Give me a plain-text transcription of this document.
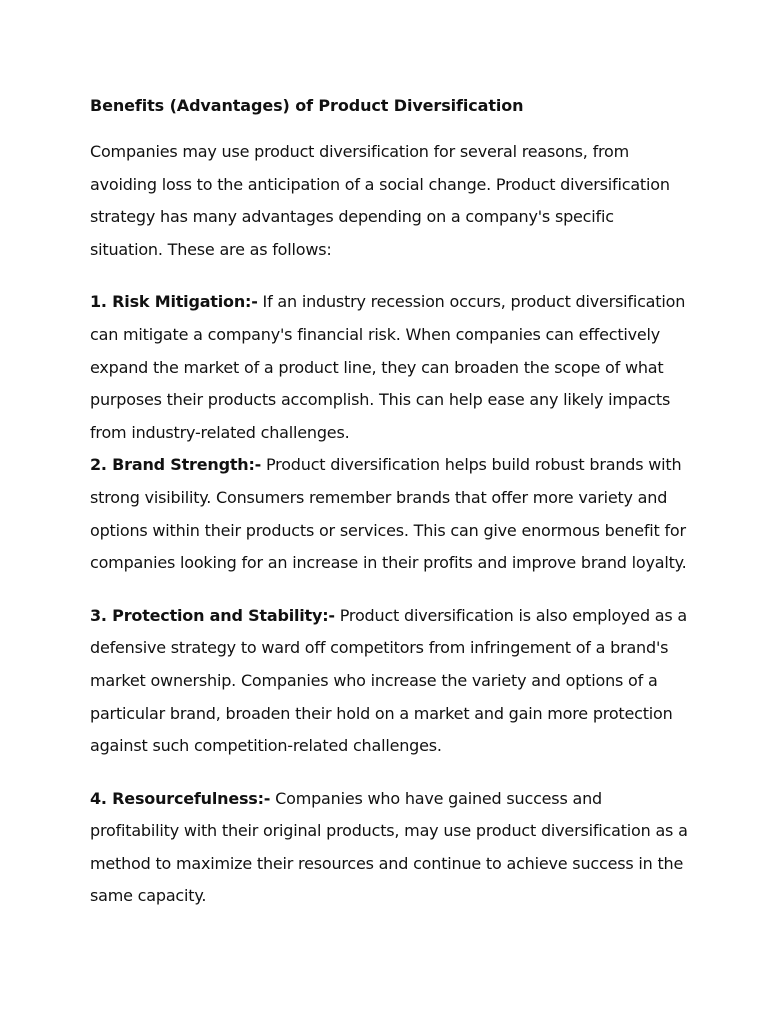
Benefits (Advantages) of Product Diversification

Companies may use product diversification for several reasons, from avoiding loss to the anticipation of a social change. Product diversification strategy has many advantages depending on a company's specific situation. These are as follows:

1. Risk Mitigation:- If an industry recession occurs, product diversification can mitigate a company's financial risk. When companies can effectively expand the market of a product line, they can broaden the scope of what purposes their products accomplish. This can help ease any likely impacts from industry-related challenges.

2. Brand Strength:- Product diversification helps build robust brands with strong visibility. Consumers remember brands that offer more variety and options within their products or services. This can give enormous benefit for companies looking for an increase in their profits and improve brand loyalty.

3. Protection and Stability:- Product diversification is also employed as a defensive strategy to ward off competitors from infringement of a brand's market ownership. Companies who increase the variety and options of a particular brand, broaden their hold on a market and gain more protection against such competition-related challenges.

4. Resourcefulness:- Companies who have gained success and profitability with their original products, may use product diversification as a method to maximize their resources and continue to achieve success in the same capacity.
